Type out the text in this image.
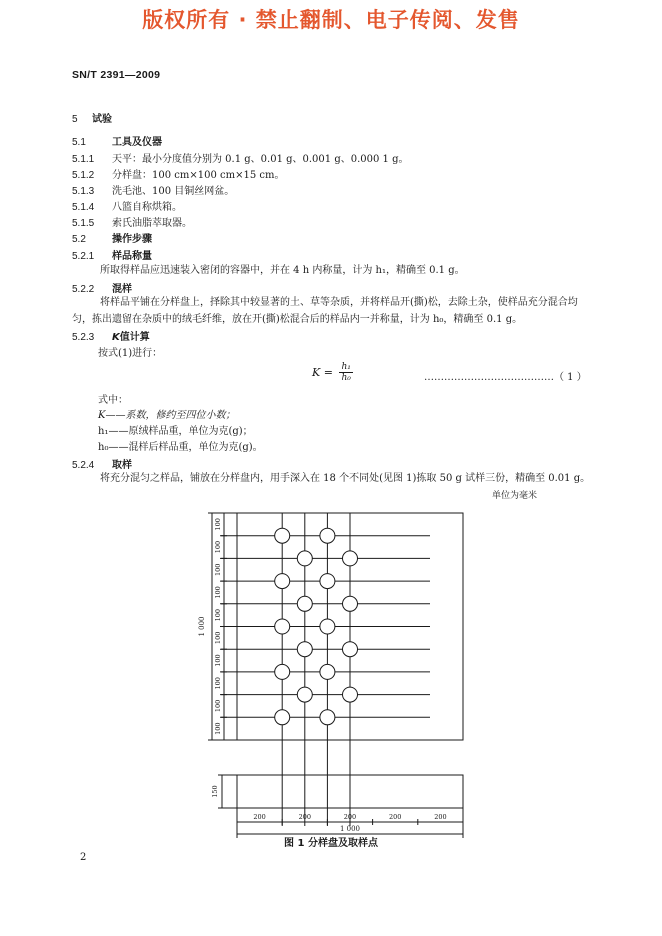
版权所有 · 禁止翻制、电子传阅、发售
SN/T 2391—2009
5 试验
5.1	工具及仪器
5.1.1 天平：最小分度值分别为 0.1 g、0.01 g、0.001 g、0.000 1 g。
5.1.2 分样盘：100 cm×100 cm×15 cm。
5.1.3 洗毛池、100 目铜丝网盆。
5.1.4 八篮自称烘箱。
5.1.5 索氏油脂萃取器。
5.2	操作步骤
5.2.1 样品称量
所取得样品应迅速装入密闭的容器中，并在 4 h 内称量，计为 h₁，精确至 0.1 g。
5.2.2 混样
将样品平铺在分样盘上，择除其中较显著的土、草等杂质，并将样品开(撕)松，去除土杂，使样品充分混合均匀，拣出遗留在杂质中的绒毛纤维，放在开(撕)松混合后的样品内一并称量，计为 h₀，精确至 0.1 g。
5.2.3 K值计算
按式(1)进行：
$K = \frac{\text{h₁}}{\text{h₀}}$	…………………………………（ 1 ）
式中：
K——系数，修约至四位小数；
h₁——原绒样品重，单位为克(g)；
h₀——混样后样品重，单位为克(g)。
5.2.4 取样
将充分混匀之样品，铺放在分样盘内，用手深入在 18 个不同处(见图 1)拣取 50 g 试样三份，精确至 0.01 g。
单位为毫米
100
100
100
100
100
100
100
100
100
100
1 000
150
200	200	200	200	200
1 000
图 1 分样盘及取样点
2
